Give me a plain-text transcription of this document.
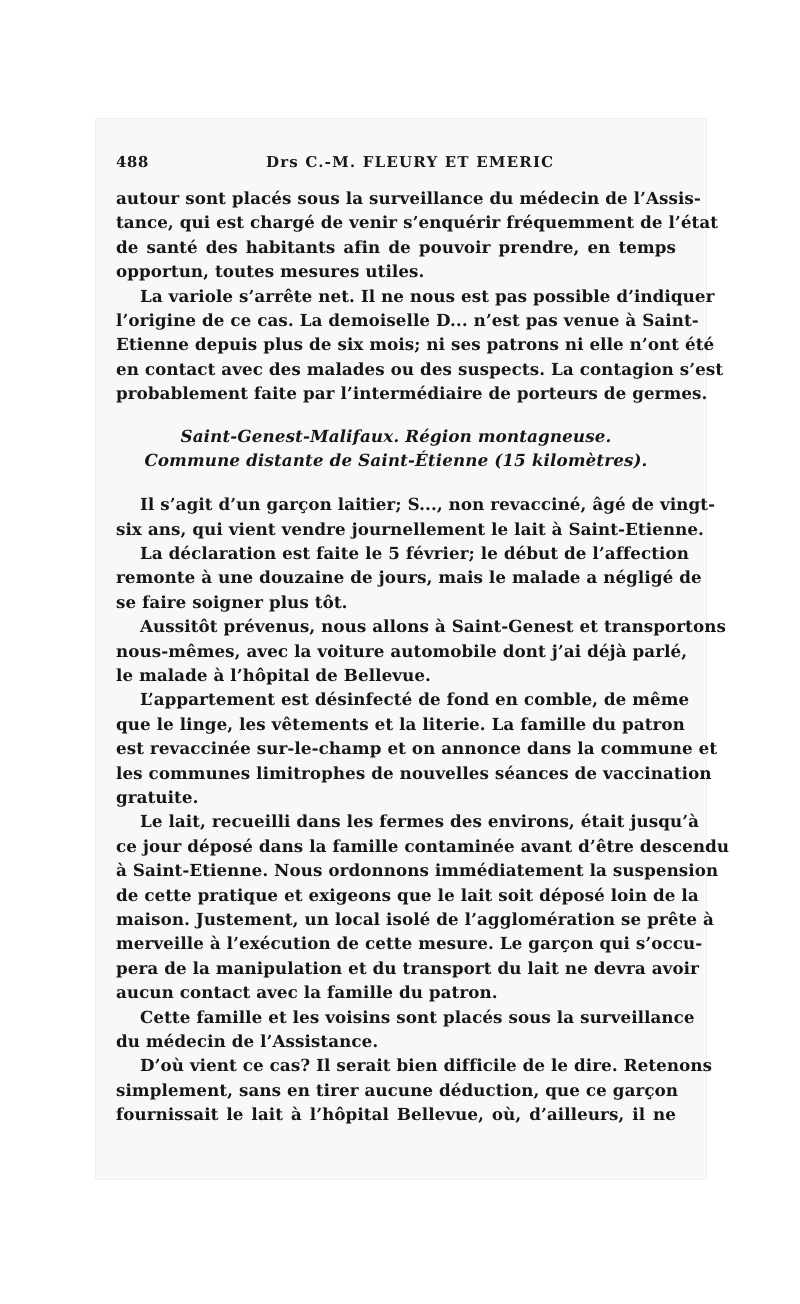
488	Drs C.-M. FLEURY ET EMERIC
autour sont placés sous la surveillance du médecin de l’Assis-
tance, qui est chargé de venir s’enquérir fréquemment de l’état
de santé des habitants afin de pouvoir prendre, en temps
opportun, toutes mesures utiles.
La variole s’arrête net. Il ne nous est pas possible d’indiquer
l’origine de ce cas. La demoiselle D... n’est pas venue à Saint-
Etienne depuis plus de six mois; ni ses patrons ni elle n’ont été
en contact avec des malades ou des suspects. La contagion s’est
probablement faite par l’intermédiaire de porteurs de germes.
Saint-Genest-Malifaux. Région montagneuse.
Commune distante de Saint-Étienne (15 kilomètres).
Il s’agit d’un garçon laitier; S..., non revacciné, âgé de vingt-
six ans, qui vient vendre journellement le lait à Saint-Etienne.
La déclaration est faite le 5 février; le début de l’affection
remonte à une douzaine de jours, mais le malade a négligé de
se faire soigner plus tôt.
Aussitôt prévenus, nous allons à Saint-Genest et transportons
nous-mêmes, avec la voiture automobile dont j’ai déjà parlé,
le malade à l’hôpital de Bellevue.
L’appartement est désinfecté de fond en comble, de même
que le linge, les vêtements et la literie. La famille du patron
est revaccinée sur-le-champ et on annonce dans la commune et
les communes limitrophes de nouvelles séances de vaccination
gratuite.
Le lait, recueilli dans les fermes des environs, était jusqu’à
ce jour déposé dans la famille contaminée avant d’être descendu
à Saint-Etienne. Nous ordonnons immédiatement la suspension
de cette pratique et exigeons que le lait soit déposé loin de la
maison. Justement, un local isolé de l’agglomération se prête à
merveille à l’exécution de cette mesure. Le garçon qui s’occu-
pera de la manipulation et du transport du lait ne devra avoir
aucun contact avec la famille du patron.
Cette famille et les voisins sont placés sous la surveillance
du médecin de l’Assistance.
D’où vient ce cas? Il serait bien difficile de le dire. Retenons
simplement, sans en tirer aucune déduction, que ce garçon
fournissait le lait à l’hôpital Bellevue, où, d’ailleurs, il ne
